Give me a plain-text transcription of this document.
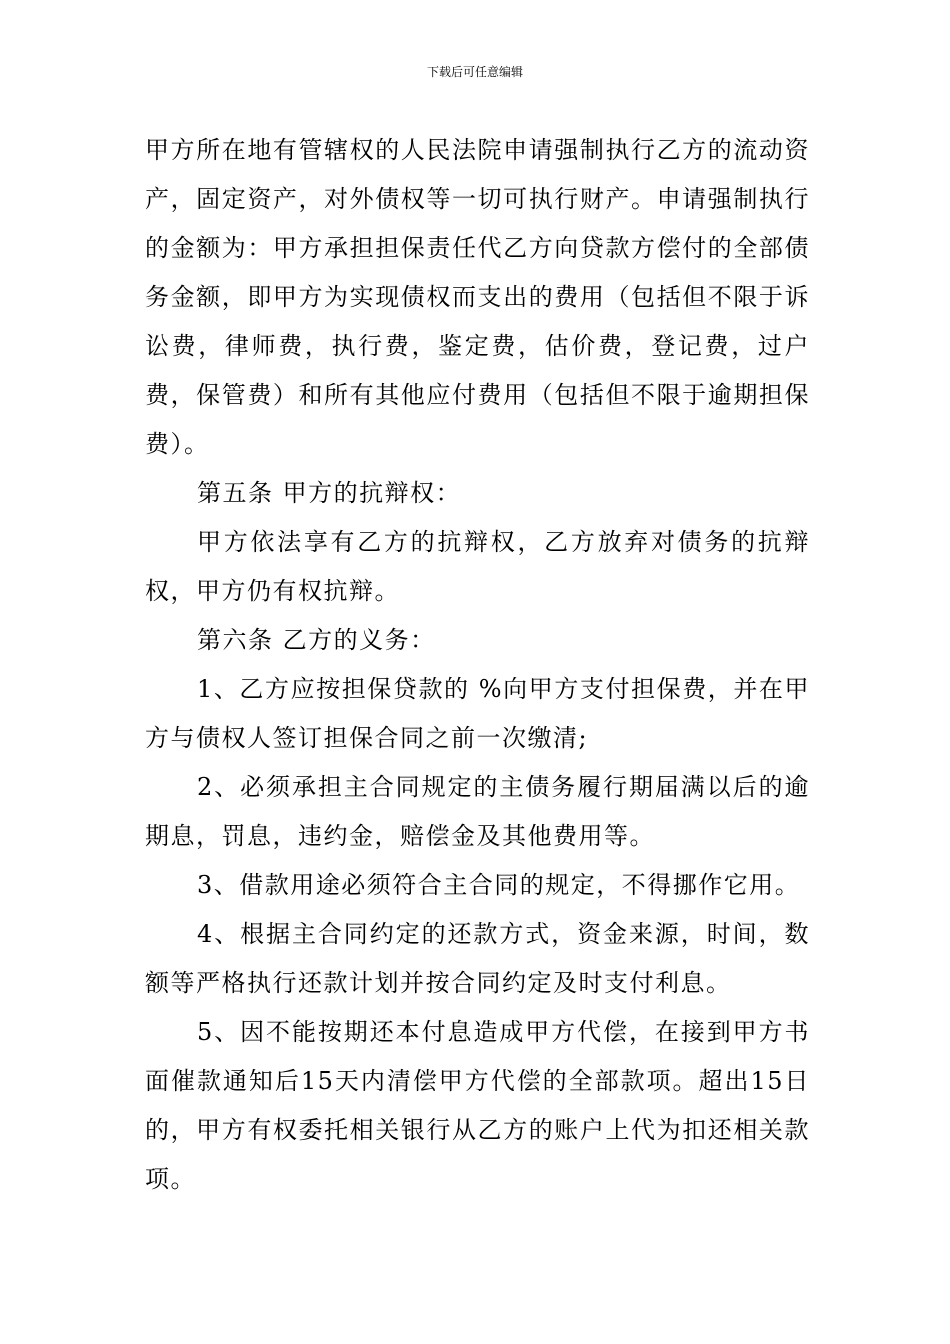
下载后可任意编辑

甲方所在地有管辖权的人民法院申请强制执行乙方的流动资产，固定资产，对外债权等一切可执行财产。申请强制执行的金额为：甲方承担担保责任代乙方向贷款方偿付的全部债务金额，即甲方为实现债权而支出的费用（包括但不限于诉讼费，律师费，执行费，鉴定费，估价费，登记费，过户费，保管费）和所有其他应付费用（包括但不限于逾期担保费）。

第五条 甲方的抗辩权：

甲方依法享有乙方的抗辩权，乙方放弃对债务的抗辩权，甲方仍有权抗辩。

第六条 乙方的义务：

1、乙方应按担保贷款的 %向甲方支付担保费，并在甲方与债权人签订担保合同之前一次缴清;

2、必须承担主合同规定的主债务履行期届满以后的逾期息，罚息，违约金，赔偿金及其他费用等。

3、借款用途必须符合主合同的规定，不得挪作它用。

4、根据主合同约定的还款方式，资金来源，时间，数额等严格执行还款计划并按合同约定及时支付利息。

5、因不能按期还本付息造成甲方代偿，在接到甲方书面催款通知后15天内清偿甲方代偿的全部款项。超出15日的，甲方有权委托相关银行从乙方的账户上代为扣还相关款项。
